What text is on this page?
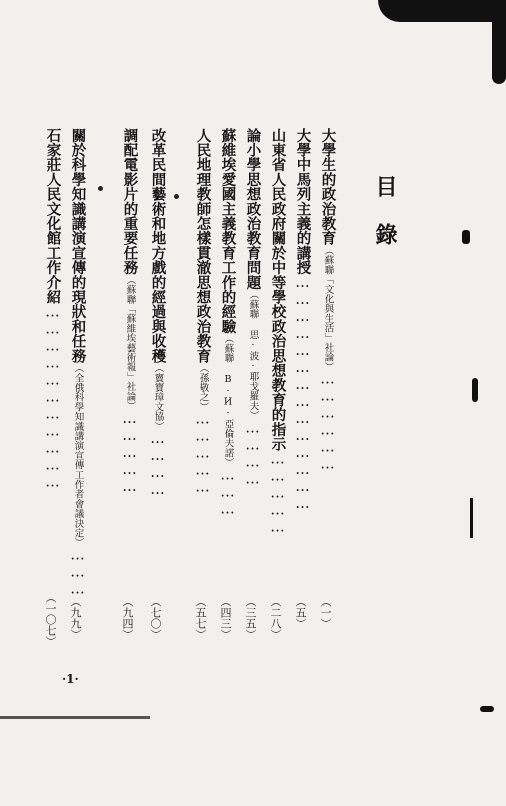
目錄
大學生的政治教育（蘇聯「文化與生活」社論）………………
（一）
大學中馬列主義的講授……………………………………
（五）
山東省人民政府關於中等學校政治思想教育的指示……………
（二八）
論小學思想政治教育問題（蘇聯 思·波·耶戈羅夫）…………
（三五）
蘇維埃愛國主義教育工作的經驗（蘇聯 В·И·亞倫夫諾）………
（四三）
人民地理教師怎樣貫澈思想政治教育（孫敬之）……………
（五七）
改革民間藝術和地方戲的經過與收穫（竇寶璋文協）…………
（七〇）
調配電影片的重要任務（蘇聯「蘇維埃藝術報」社論）……………
（九四）
關於科學知識講演宣傳的現狀和任務（全俄科學知識講演宣傳工作者會議決定）………
（九九）
石家莊人民文化館工作介紹……………………………
（一〇七）
·1·
